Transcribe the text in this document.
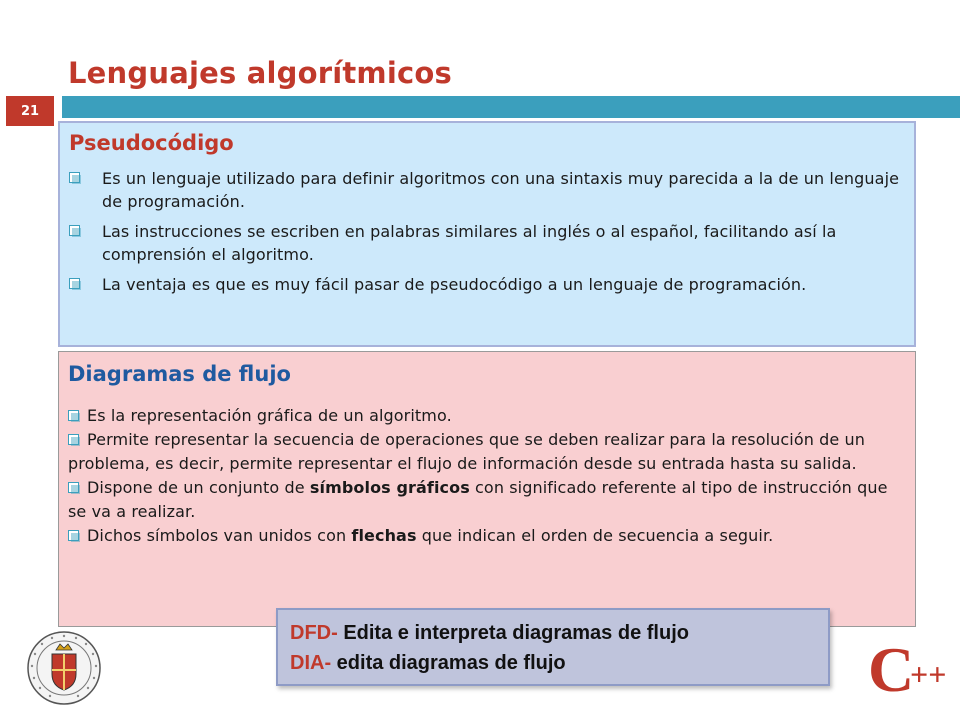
Lenguajes algorítmicos
21
Pseudocódigo
Es un lenguaje utilizado para definir algoritmos con una sintaxis muy parecida a la de un lenguaje de programación.
Las instrucciones se escriben en palabras similares al inglés o al español, facilitando así la comprensión el algoritmo.
La ventaja es que es muy fácil pasar de pseudocódigo a un lenguaje de programación.
Diagramas de flujo
Es la representación gráfica de un algoritmo.
Permite representar la secuencia de operaciones que se deben realizar para la resolución de un problema, es decir, permite representar el flujo de información desde su entrada hasta su salida.
Dispone de un conjunto de símbolos gráficos con significado referente al tipo de instrucción que se va a realizar.
Dichos símbolos van unidos con flechas que indican el orden de secuencia a seguir.
DFD- Edita e interpreta diagramas de flujo
DIA- edita diagramas de flujo	C
++
